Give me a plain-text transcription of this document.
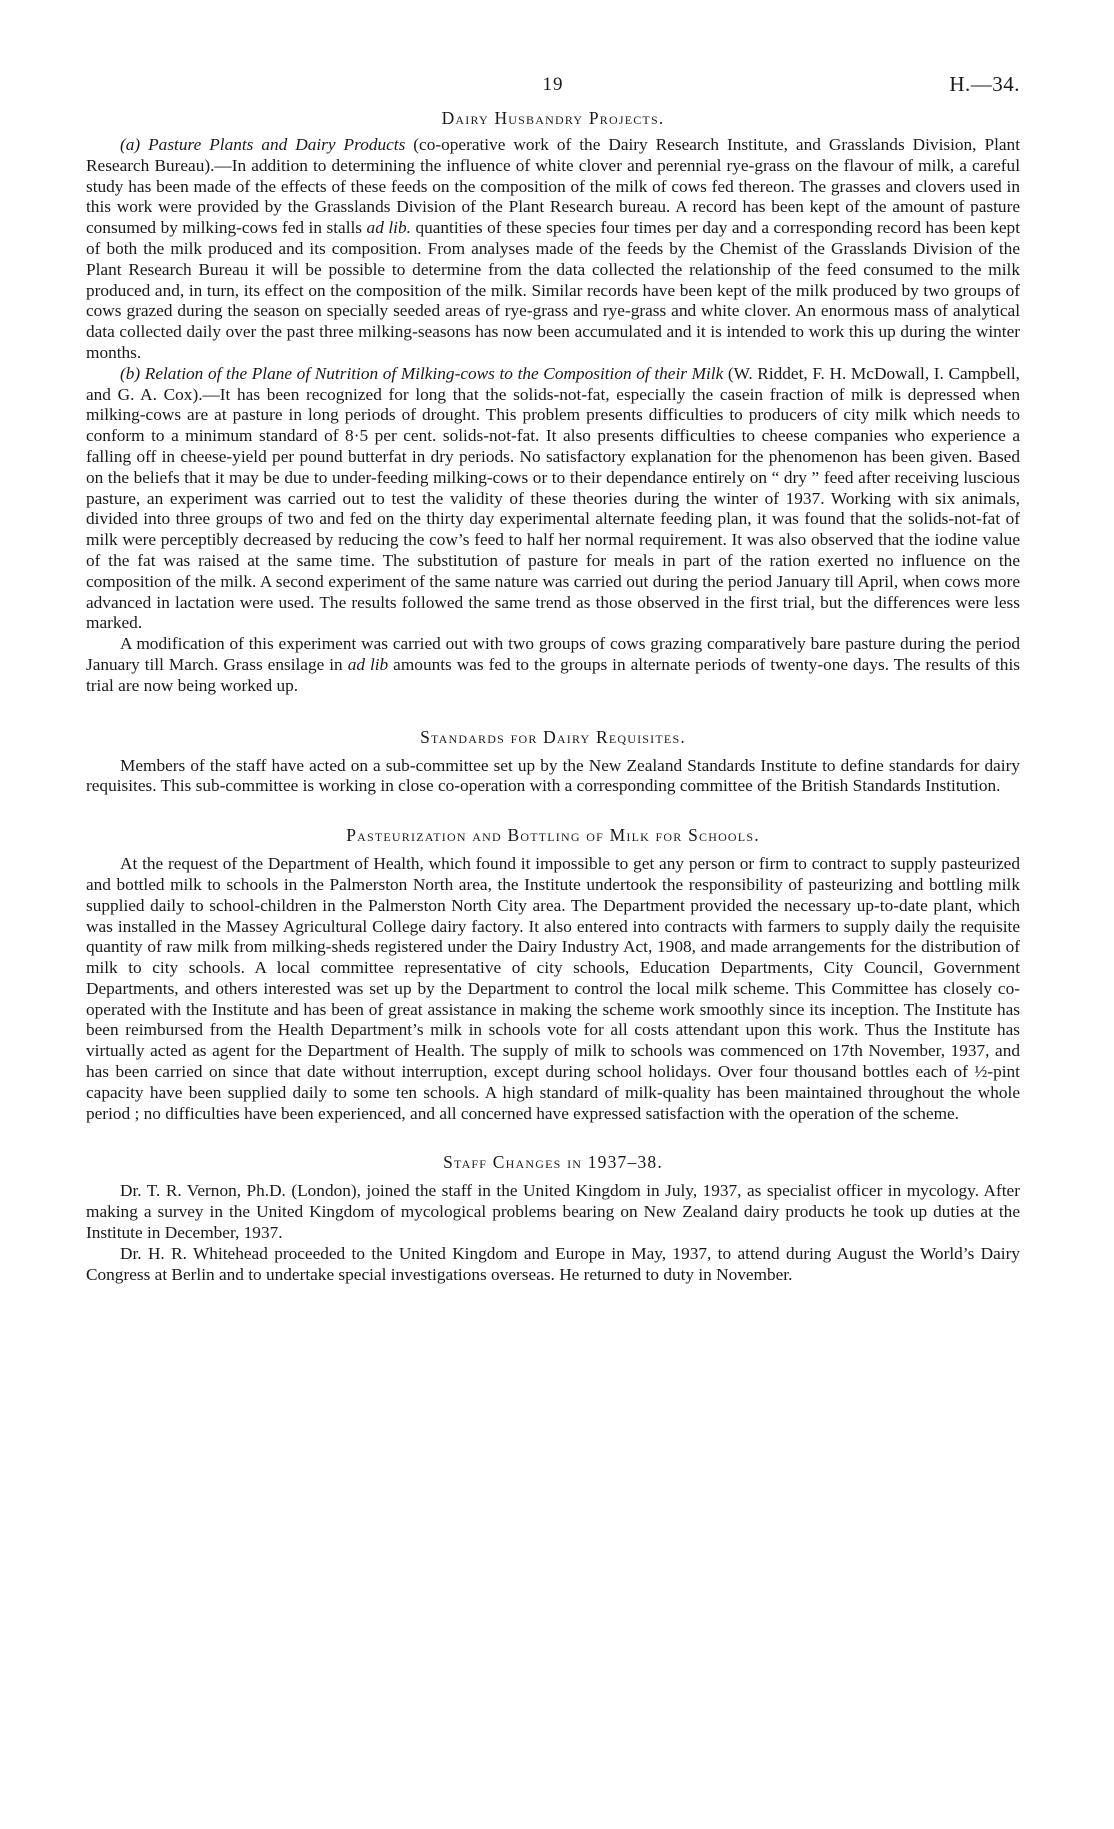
19	H.—34.
Dairy Husbandry Projects.

(a) Pasture Plants and Dairy Products (co-operative work of the Dairy Research Institute, and Grasslands Division, Plant Research Bureau).—In addition to determining the influence of white clover and perennial rye-grass on the flavour of milk, a careful study has been made of the effects of these feeds on the composition of the milk of cows fed thereon. The grasses and clovers used in this work were provided by the Grasslands Division of the Plant Research bureau. A record has been kept of the amount of pasture consumed by milking-cows fed in stalls ad lib. quantities of these species four times per day and a corresponding record has been kept of both the milk produced and its composition. From analyses made of the feeds by the Chemist of the Grasslands Division of the Plant Research Bureau it will be possible to determine from the data collected the relationship of the feed consumed to the milk produced and, in turn, its effect on the composition of the milk. Similar records have been kept of the milk produced by two groups of cows grazed during the season on specially seeded areas of rye-grass and rye-grass and white clover. An enormous mass of analytical data collected daily over the past three milking-seasons has now been accumulated and it is intended to work this up during the winter months.

(b) Relation of the Plane of Nutrition of Milking-cows to the Composition of their Milk (W. Riddet, F. H. McDowall, I. Campbell, and G. A. Cox).—It has been recognized for long that the solids-not-fat, especially the casein fraction of milk is depressed when milking-cows are at pasture in long periods of drought. This problem presents difficulties to producers of city milk which needs to conform to a minimum standard of 8·5 per cent. solids-not-fat. It also presents difficulties to cheese companies who experience a falling off in cheese-yield per pound butterfat in dry periods. No satisfactory explanation for the phenomenon has been given. Based on the beliefs that it may be due to under-feeding milking-cows or to their dependance entirely on “ dry ” feed after receiving luscious pasture, an experiment was carried out to test the validity of these theories during the winter of 1937. Working with six animals, divided into three groups of two and fed on the thirty day experimental alternate feeding plan, it was found that the solids-not-fat of milk were perceptibly decreased by reducing the cow’s feed to half her normal requirement. It was also observed that the iodine value of the fat was raised at the same time. The substitution of pasture for meals in part of the ration exerted no influence on the composition of the milk. A second experiment of the same nature was carried out during the period January till April, when cows more advanced in lactation were used. The results followed the same trend as those observed in the first trial, but the differences were less marked.

A modification of this experiment was carried out with two groups of cows grazing comparatively bare pasture during the period January till March. Grass ensilage in ad lib amounts was fed to the groups in alternate periods of twenty-one days. The results of this trial are now being worked up.

Standards for Dairy Requisites.

Members of the staff have acted on a sub-committee set up by the New Zealand Standards Institute to define standards for dairy requisites. This sub-committee is working in close co-operation with a corresponding committee of the British Standards Institution.

Pasteurization and Bottling of Milk for Schools.

At the request of the Department of Health, which found it impossible to get any person or firm to contract to supply pasteurized and bottled milk to schools in the Palmerston North area, the Institute undertook the responsibility of pasteurizing and bottling milk supplied daily to school-children in the Palmerston North City area. The Department provided the necessary up-to-date plant, which was installed in the Massey Agricultural College dairy factory. It also entered into contracts with farmers to supply daily the requisite quantity of raw milk from milking-sheds registered under the Dairy Industry Act, 1908, and made arrangements for the distribution of milk to city schools. A local committee representative of city schools, Education Departments, City Council, Government Departments, and others interested was set up by the Department to control the local milk scheme. This Committee has closely co-operated with the Institute and has been of great assistance in making the scheme work smoothly since its inception. The Institute has been reimbursed from the Health Department’s milk in schools vote for all costs attendant upon this work. Thus the Institute has virtually acted as agent for the Department of Health. The supply of milk to schools was commenced on 17th November, 1937, and has been carried on since that date without interruption, except during school holidays. Over four thousand bottles each of ½-pint capacity have been supplied daily to some ten schools. A high standard of milk-quality has been maintained throughout the whole period ; no difficulties have been experienced, and all concerned have expressed satisfaction with the operation of the scheme.

Staff Changes in 1937–38.

Dr. T. R. Vernon, Ph.D. (London), joined the staff in the United Kingdom in July, 1937, as specialist officer in mycology. After making a survey in the United Kingdom of mycological problems bearing on New Zealand dairy products he took up duties at the Institute in December, 1937.

Dr. H. R. Whitehead proceeded to the United Kingdom and Europe in May, 1937, to attend during August the World’s Dairy Congress at Berlin and to undertake special investigations overseas. He returned to duty in November.
